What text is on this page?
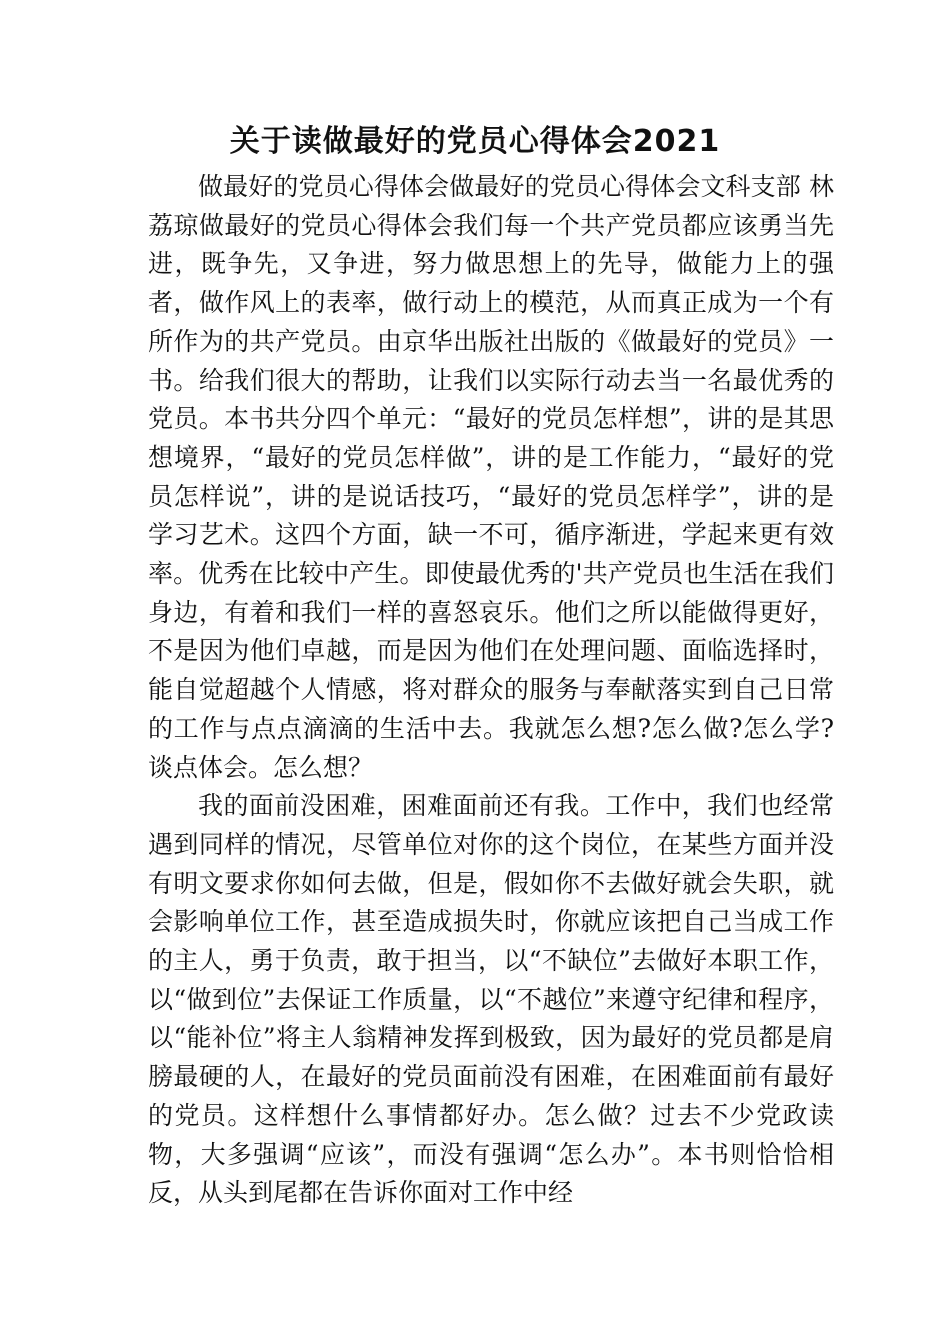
关于读做最好的党员心得体会2021

做最好的党员心得体会做最好的党员心得体会文科支部 林荔琼做最好的党员心得体会我们每一个共产党员都应该勇当先进，既争先，又争进，努力做思想上的先导，做能力上的强者，做作风上的表率，做行动上的模范，从而真正成为一个有所作为的共产党员。由京华出版社出版的《做最好的党员》一书。给我们很大的帮助，让我们以实际行动去当一名最优秀的党员。本书共分四个单元：“最好的党员怎样想”，讲的是其思想境界，“最好的党员怎样做”，讲的是工作能力，“最好的党员怎样说”，讲的是说话技巧，“最好的党员怎样学”，讲的是学习艺术。这四个方面，缺一不可，循序渐进，学起来更有效率。优秀在比较中产生。即使最优秀的'共产党员也生活在我们身边，有着和我们一样的喜怒哀乐。他们之所以能做得更好，不是因为他们卓越，而是因为他们在处理问题、面临选择时，能自觉超越个人情感，将对群众的服务与奉献落实到自己日常的工作与点点滴滴的生活中去。我就怎么想?怎么做?怎么学?谈点体会。怎么想？

我的面前没困难，困难面前还有我。工作中，我们也经常遇到同样的情况，尽管单位对你的这个岗位，在某些方面并没有明文要求你如何去做，但是，假如你不去做好就会失职，就会影响单位工作，甚至造成损失时，你就应该把自己当成工作的主人，勇于负责，敢于担当，以“不缺位”去做好本职工作，以“做到位”去保证工作质量，以“不越位”来遵守纪律和程序，以“能补位”将主人翁精神发挥到极致，因为最好的党员都是肩膀最硬的人，在最好的党员面前没有困难，在困难面前有最好的党员。这样想什么事情都好办。怎么做？过去不少党政读物，大多强调“应该”，而没有强调“怎么办”。本书则恰恰相反，从头到尾都在告诉你面对工作中经
